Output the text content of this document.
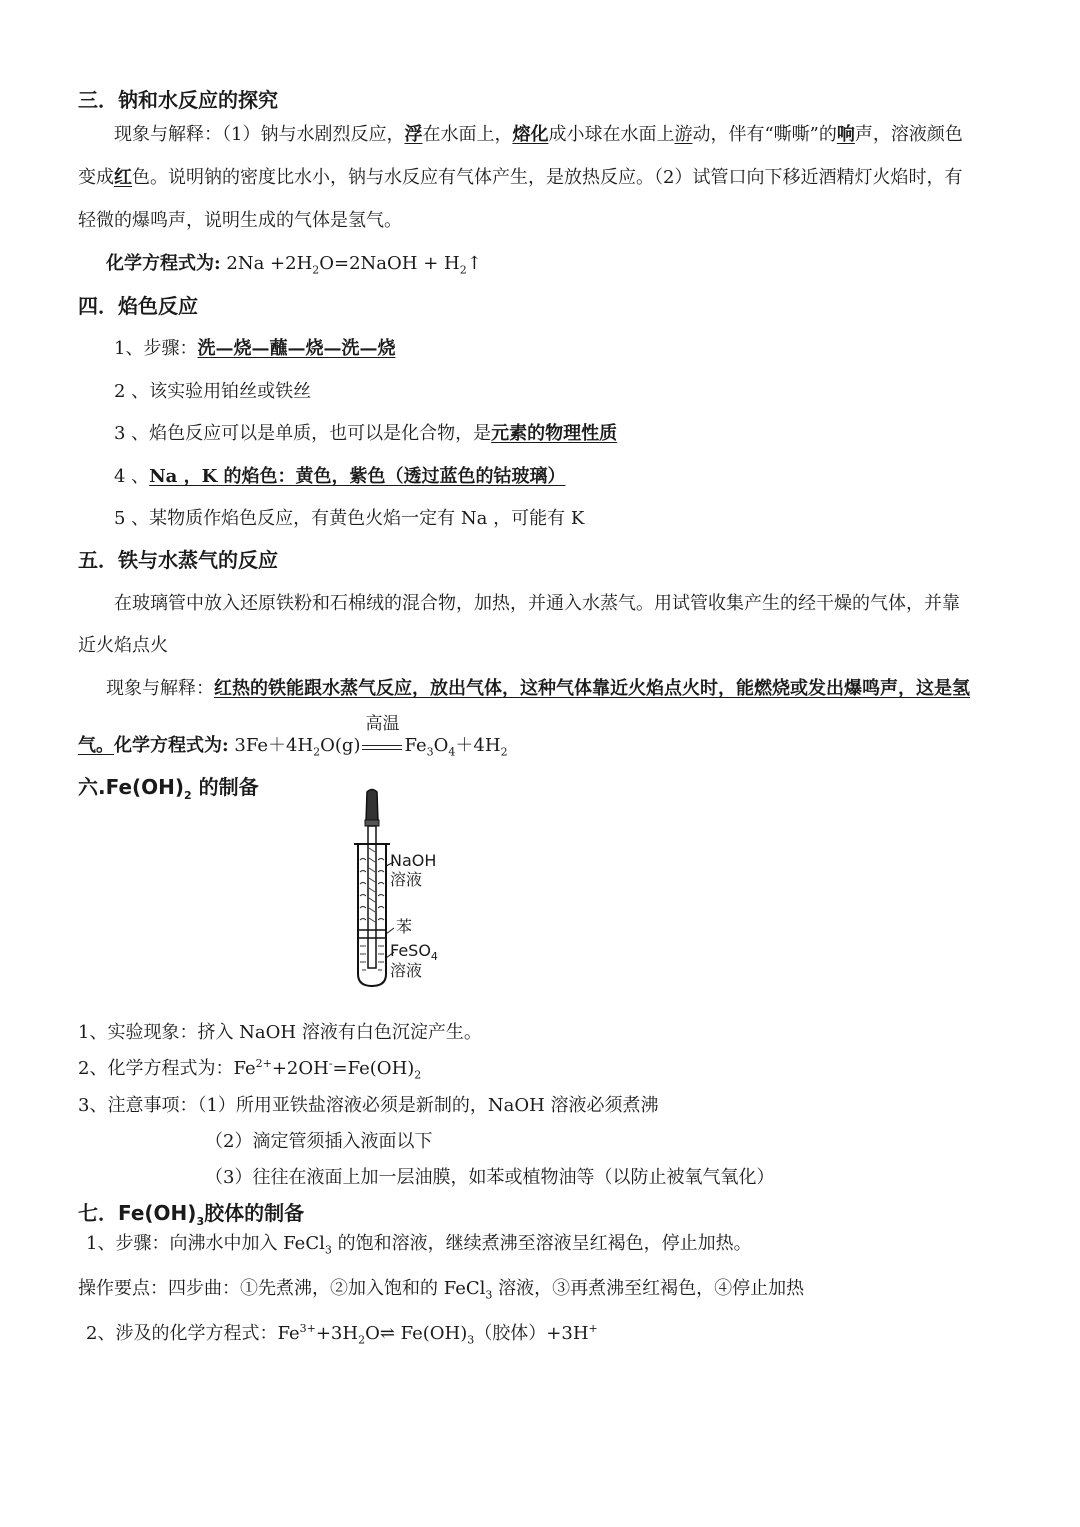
三．钠和水反应的探究
现象与解释：（1）钠与水剧烈反应，浮在水面上，熔化成小球在水面上游动，伴有“嘶嘶”的响声，溶液颜色
变成红色。说明钠的密度比水小，钠与水反应有气体产生，是放热反应。（2）试管口向下移近酒精灯火焰时，有
轻微的爆鸣声，说明生成的气体是氢气。
化学方程式为: $2Na +2H_2O=2NaOH$ + $H_2↑$
四．焰色反应
1、步骤：洗—烧—蘸—烧—洗—烧
2 、该实验用铂丝或铁丝
3 、焰色反应可以是单质，也可以是化合物，是元素的物理性质
4 、Na ，K 的焰色：黄色，紫色（透过蓝色的钴玻璃）
5 、某物质作焰色反应，有黄色火焰一定有 Na ，可能有 K
五．铁与水蒸气的反应
在玻璃管中放入还原铁粉和石棉绒的混合物，加热，并通入水蒸气。用试管收集产生的经干燥的气体，并靠
近火焰点火
现象与解释：红热的铁能跟水蒸气反应，放出气体，这种气体靠近火焰点火时，能燃烧或发出爆鸣声，这是氢
气。化学方程式为: $3Fe+4H_2O(g)$
高温
$Fe_3O_4+4H_2$
六$.Fe(OH)_2$ 的制备
NaOH
溶液
苯
FeSO$_4$
溶液
1、实验现象：挤入 NaOH 溶液有白色沉淀产生。
2、化学方程式为：$Fe^{2+}+2OH^-=Fe(OH)_2$
3、注意事项：（1）所用亚铁盐溶液必须是新制的，NaOH 溶液必须煮沸
（2）滴定管须插入液面以下
（3）往往在液面上加一层油膜，如苯或植物油等（以防止被氧气氧化）
七．$Fe(OH)_3$胶体的制备
1、步骤：向沸水中加入 FeCl$_3$ 的饱和溶液，继续煮沸至溶液呈红褐色，停止加热。
操作要点：四步曲：①先煮沸，②加入饱和的 FeCl$_3$ 溶液，③再煮沸至红褐色，④停止加热
2、涉及的化学方程式：$Fe^{3+}+3H_2O\rightleftharpoons$ $Fe(OH)_3$（胶体）+3H+
